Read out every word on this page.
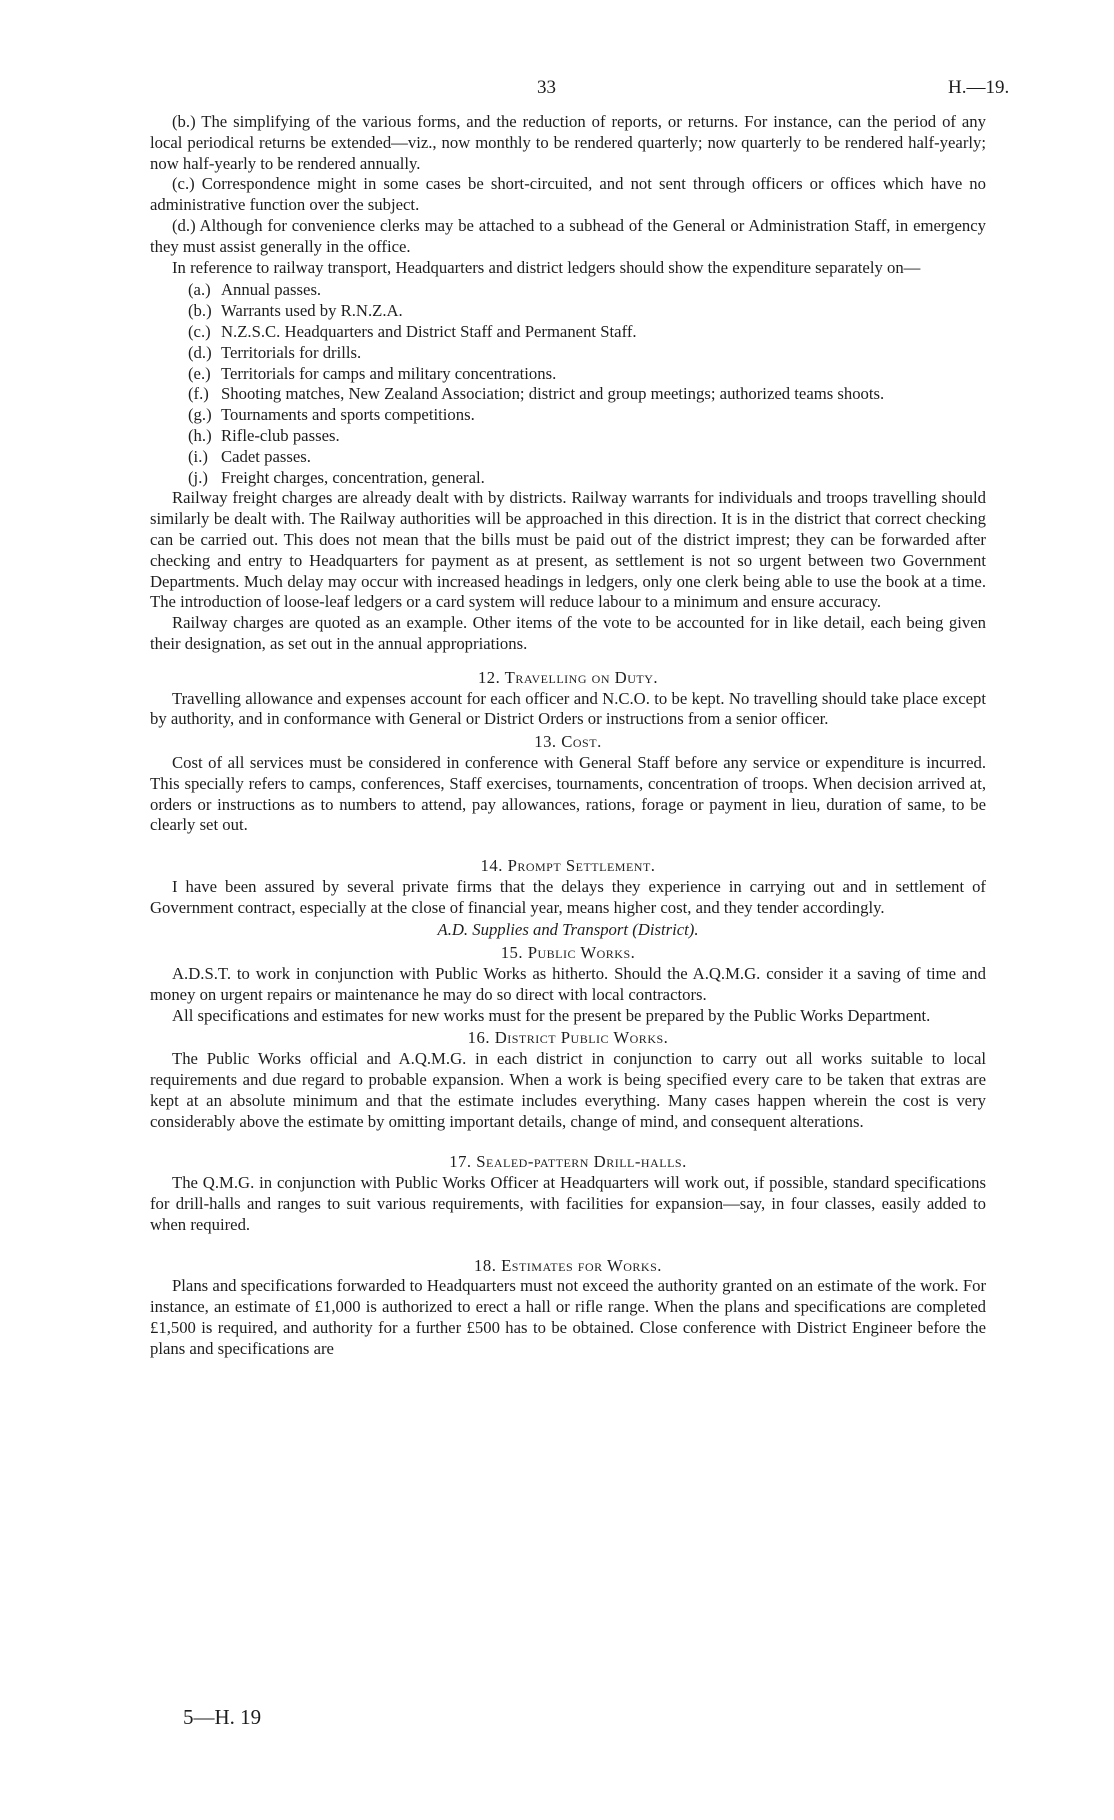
33	H.—19.

(b.) The simplifying of the various forms, and the reduction of reports, or returns. For instance, can the period of any local periodical returns be extended—viz., now monthly to be rendered quarterly; now quarterly to be rendered half-yearly; now half-yearly to be rendered annually.

(c.) Correspondence might in some cases be short-circuited, and not sent through officers or offices which have no administrative function over the subject.

(d.) Although for convenience clerks may be attached to a subhead of the General or Administration Staff, in emergency they must assist generally in the office.

In reference to railway transport, Headquarters and district ledgers should show the expenditure separately on—

(a.) Annual passes.
(b.) Warrants used by R.N.Z.A.
(c.) N.Z.S.C. Headquarters and District Staff and Permanent Staff.
(d.) Territorials for drills.
(e.) Territorials for camps and military concentrations.
(f.) Shooting matches, New Zealand Association; district and group meetings; authorized teams shoots.
(g.) Tournaments and sports competitions.
(h.) Rifle-club passes.
(i.) Cadet passes.
(j.) Freight charges, concentration, general.

Railway freight charges are already dealt with by districts. Railway warrants for individuals and troops travelling should similarly be dealt with. The Railway authorities will be approached in this direction. It is in the district that correct checking can be carried out. This does not mean that the bills must be paid out of the district imprest; they can be forwarded after checking and entry to Headquarters for payment as at present, as settlement is not so urgent between two Government Departments. Much delay may occur with increased headings in ledgers, only one clerk being able to use the book at a time. The introduction of loose-leaf ledgers or a card system will reduce labour to a minimum and ensure accuracy.

Railway charges are quoted as an example. Other items of the vote to be accounted for in like detail, each being given their designation, as set out in the annual appropriations.

12. Travelling on Duty.

Travelling allowance and expenses account for each officer and N.C.O. to be kept. No travelling should take place except by authority, and in conformance with General or District Orders or instructions from a senior officer.

13. Cost.

Cost of all services must be considered in conference with General Staff before any service or expenditure is incurred. This specially refers to camps, conferences, Staff exercises, tournaments, concentration of troops. When decision arrived at, orders or instructions as to numbers to attend, pay allowances, rations, forage or payment in lieu, duration of same, to be clearly set out.

14. Prompt Settlement.

I have been assured by several private firms that the delays they experience in carrying out and in settlement of Government contract, especially at the close of financial year, means higher cost, and they tender accordingly.

A.D. Supplies and Transport (District).
15. Public Works.

A.D.S.T. to work in conjunction with Public Works as hitherto. Should the A.Q.M.G. consider it a saving of time and money on urgent repairs or maintenance he may do so direct with local contractors.

All specifications and estimates for new works must for the present be prepared by the Public Works Department.

16. District Public Works.

The Public Works official and A.Q.M.G. in each district in conjunction to carry out all works suitable to local requirements and due regard to probable expansion. When a work is being specified every care to be taken that extras are kept at an absolute minimum and that the estimate includes everything. Many cases happen wherein the cost is very considerably above the estimate by omitting important details, change of mind, and consequent alterations.

17. Sealed-pattern Drill-halls.

The Q.M.G. in conjunction with Public Works Officer at Headquarters will work out, if possible, standard specifications for drill-halls and ranges to suit various requirements, with facilities for expansion—say, in four classes, easily added to when required.

18. Estimates for Works.

Plans and specifications forwarded to Headquarters must not exceed the authority granted on an estimate of the work. For instance, an estimate of £1,000 is authorized to erect a hall or rifle range. When the plans and specifications are completed £1,500 is required, and authority for a further £500 has to be obtained. Close conference with District Engineer before the plans and specifications are

5—H. 19
